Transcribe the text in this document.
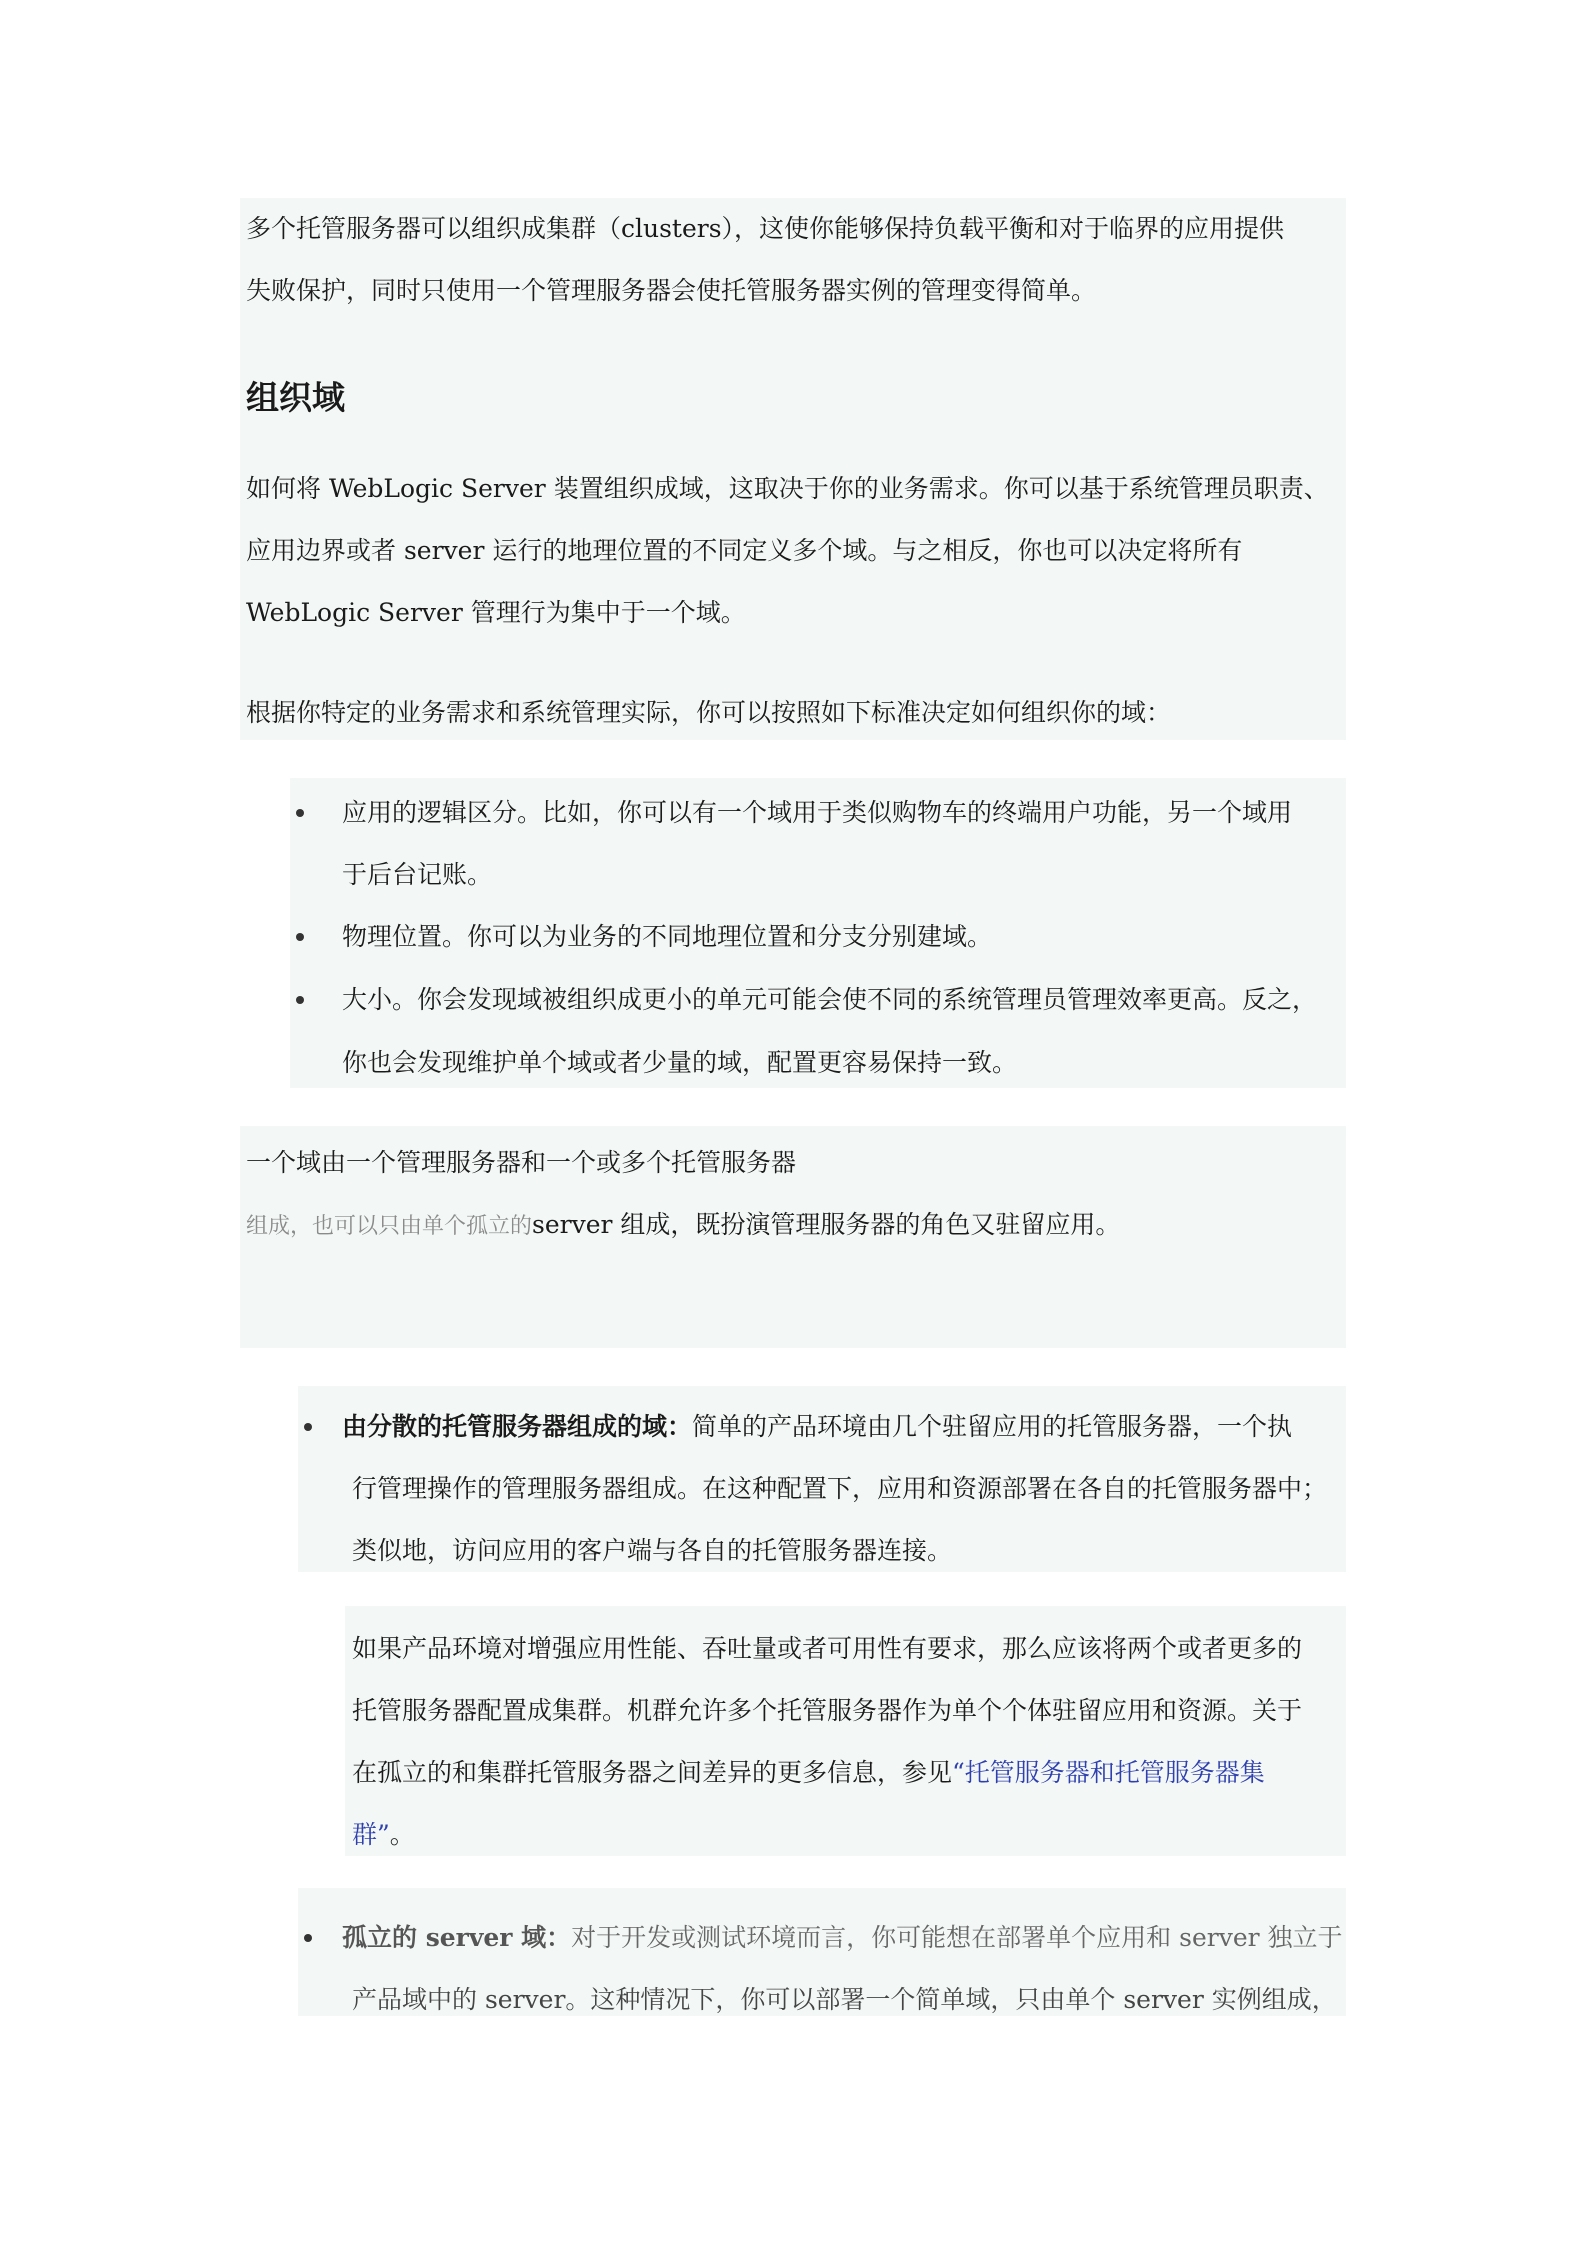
多个托管服务器可以组织成集群（clusters），这使你能够保持负载平衡和对于临界的应用提供
失败保护，同时只使用一个管理服务器会使托管服务器实例的管理变得简单。
组织域
如何将 WebLogic Server 装置组织成域，这取决于你的业务需求。你可以基于系统管理员职责、
应用边界或者 server 运行的地理位置的不同定义多个域。与之相反，你也可以决定将所有
WebLogic Server 管理行为集中于一个域。
根据你特定的业务需求和系统管理实际，你可以按照如下标准决定如何组织你的域：
应用的逻辑区分。比如，你可以有一个域用于类似购物车的终端用户功能，另一个域用
于后台记账。
物理位置。你可以为业务的不同地理位置和分支分别建域。
大小。你会发现域被组织成更小的单元可能会使不同的系统管理员管理效率更高。反之，
你也会发现维护单个域或者少量的域，配置更容易保持一致。
一个域由一个管理服务器和一个或多个托管服务器
组成，也可以只由单个孤立的server 组成，既扮演管理服务器的角色又驻留应用。
由分散的托管服务器组成的域：简单的产品环境由几个驻留应用的托管服务器，一个执
行管理操作的管理服务器组成。在这种配置下，应用和资源部署在各自的托管服务器中；
类似地，访问应用的客户端与各自的托管服务器连接。
如果产品环境对增强应用性能、吞吐量或者可用性有要求，那么应该将两个或者更多的
托管服务器配置成集群。机群允许多个托管服务器作为单个个体驻留应用和资源。关于
在孤立的和集群托管服务器之间差异的更多信息，参见“托管服务器和托管服务器集
群”。
孤立的 server 域：对于开发或测试环境而言，你可能想在部署单个应用和 server 独立于
产品域中的 server。这种情况下，你可以部署一个简单域，只由单个 server 实例组成，
